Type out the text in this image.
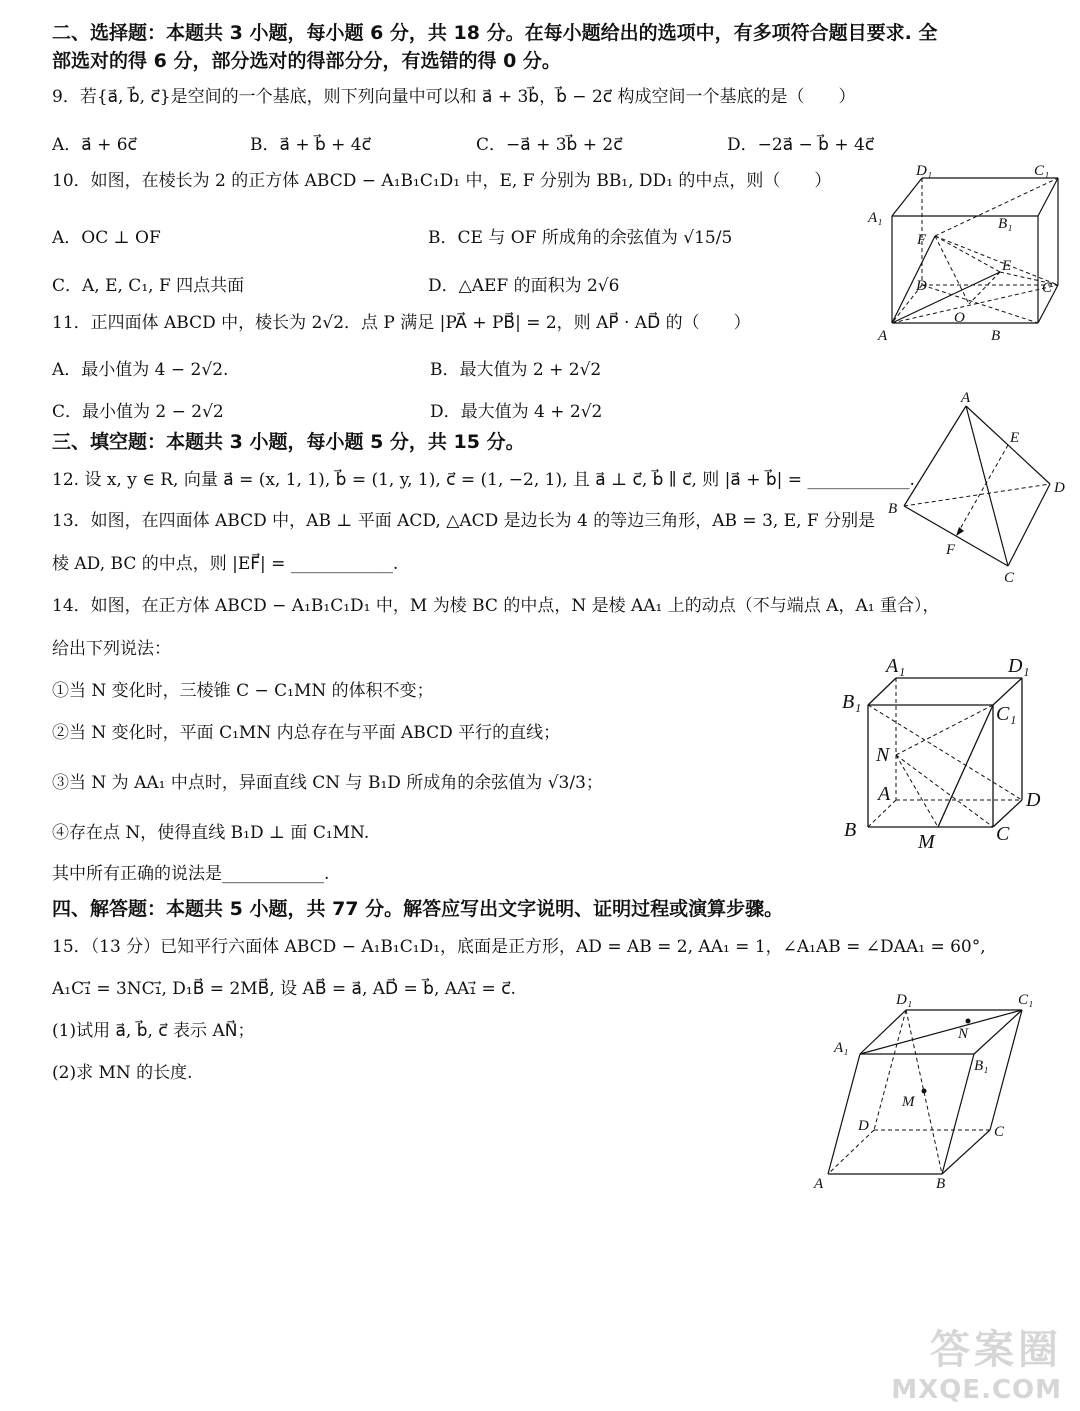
二、选择题：本题共 3 小题，每小题 6 分，共 18 分。在每小题给出的选项中，有多项符合题目要求. 全
部选对的得 6 分，部分选对的得部分分，有选错的得 0 分。
9．若{a⃗, b⃗, c⃗}是空间的一个基底，则下列向量中可以和 a⃗ + 3b⃗，b⃗ − 2c⃗ 构成空间一个基底的是（　　）
A．a⃗ + 6c⃗	B．a⃗ + b⃗ + 4c⃗	C．−a⃗ + 3b⃗ + 2c⃗	D．−2a⃗ − b⃗ + 4c⃗
10．如图，在棱长为 2 的正方体 ABCD − A₁B₁C₁D₁ 中，E, F 分别为 BB₁, DD₁ 的中点，则（　　）
A．OC ⊥ OF	B．CE 与 OF 所成角的余弦值为 √15/5
C．A, E, C₁, F 四点共面	D．△AEF 的面积为 2√6
11．正四面体 ABCD 中，棱长为 2√2．点 P 满足 |PA⃗ + PB⃗| = 2，则 AP⃗ · AD⃗ 的（　　）
A．最小值为 4 − 2√2.	B．最大值为 2 + 2√2
C．最小值为 2 − 2√2	D．最大值为 4 + 2√2
三、填空题：本题共 3 小题，每小题 5 分，共 15 分。
12. 设 x, y ∈ R, 向量 a⃗ = (x, 1, 1), b⃗ = (1, y, 1), c⃗ = (1, −2, 1), 且 a⃗ ⊥ c⃗, b⃗ ∥ c⃗, 则 |a⃗ + b⃗| = ____________.
13．如图，在四面体 ABCD 中，AB ⊥ 平面 ACD, △ACD 是边长为 4 的等边三角形，AB = 3, E, F 分别是
棱 AD, BC 的中点，则 |EF⃗| = ____________.
14．如图，在正方体 ABCD − A₁B₁C₁D₁ 中，M 为棱 BC 的中点，N 是棱 AA₁ 上的动点（不与端点 A，A₁ 重合），
给出下列说法：
①当 N 变化时，三棱锥 C − C₁MN 的体积不变；
②当 N 变化时，平面 C₁MN 内总存在与平面 ABCD 平行的直线；
③当 N 为 AA₁ 中点时，异面直线 CN 与 B₁D 所成角的余弦值为 √3/3；
④存在点 N，使得直线 B₁D ⊥ 面 C₁MN.
其中所有正确的说法是____________.
四、解答题：本题共 5 小题，共 77 分。解答应写出文字说明、证明过程或演算步骤。
15．（13 分）已知平行六面体 ABCD − A₁B₁C₁D₁，底面是正方形，AD = AB = 2, AA₁ = 1，∠A₁AB = ∠DAA₁ = 60°,
A₁C₁⃗ = 3NC₁⃗, D₁B⃗ = 2MB⃗, 设 AB⃗ = a⃗, AD⃗ = b⃗, AA₁⃗ = c⃗.
(1)试用 a⃗, b⃗, c⃗ 表示 AN⃗；
(2)求 MN 的长度.
D₁	C₁
A₁	B₁
F
E
D	C
O
A	B
A
E
B
D
F
C
A₁	D₁
B₁
C₁
N
A	D
B
M	C
D₁	C₁
A₁
B₁
N
M
D	C
A	B
答案圈
MXQE.COM
